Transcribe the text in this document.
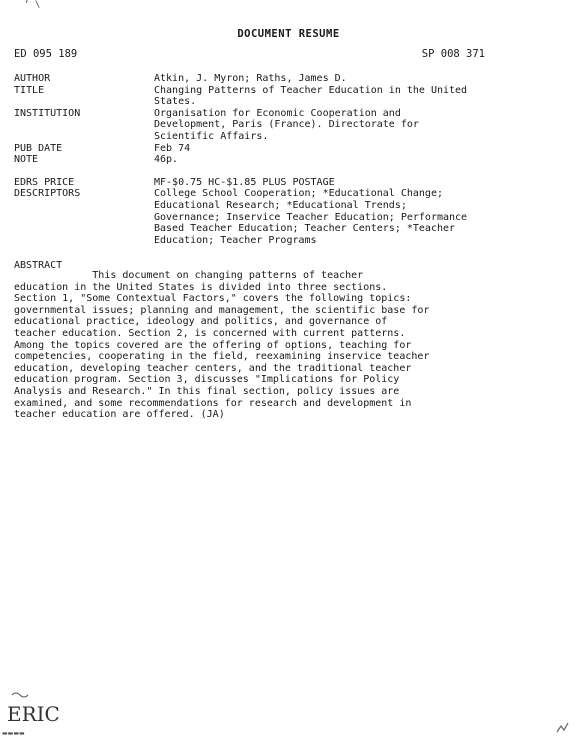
‘ \
DOCUMENT RESUME
ED 095 189	SP 008 371
AUTHOR	Atkin, J. Myron; Raths, James D.
TITLE	Changing Patterns of Teacher Education in the United
States.
INSTITUTION	Organisation for Economic Cooperation and
Development, Paris (France). Directorate for
Scientific Affairs.
PUB DATE	Feb 74
NOTE	46p.
EDRS PRICE	MF-$0.75 HC-$1.85 PLUS POSTAGE
DESCRIPTORS	College School Cooperation; *Educational Change;
Educational Research; *Educational Trends;
Governance; Inservice Teacher Education; Performance
Based Teacher Education; Teacher Centers; *Teacher
Education; Teacher Programs
ABSTRACT
This document on changing patterns of teacher
education in the United States is divided into three sections.
Section 1, "Some Contextual Factors," covers the following topics:
governmental issues; planning and management, the scientific base for
educational practice, ideology and politics, and governance of
teacher education. Section 2, is concerned with current patterns.
Among the topics covered are the offering of options, teaching for
competencies, cooperating in the field, reexamining inservice teacher
education, developing teacher centers, and the traditional teacher
education program. Section 3, discusses "Implications for Policy
Analysis and Research." In this final section, policy issues are
examined, and some recommendations for research and development in
teacher education are offered. (JA)
ERIC
▬▬▬▬
